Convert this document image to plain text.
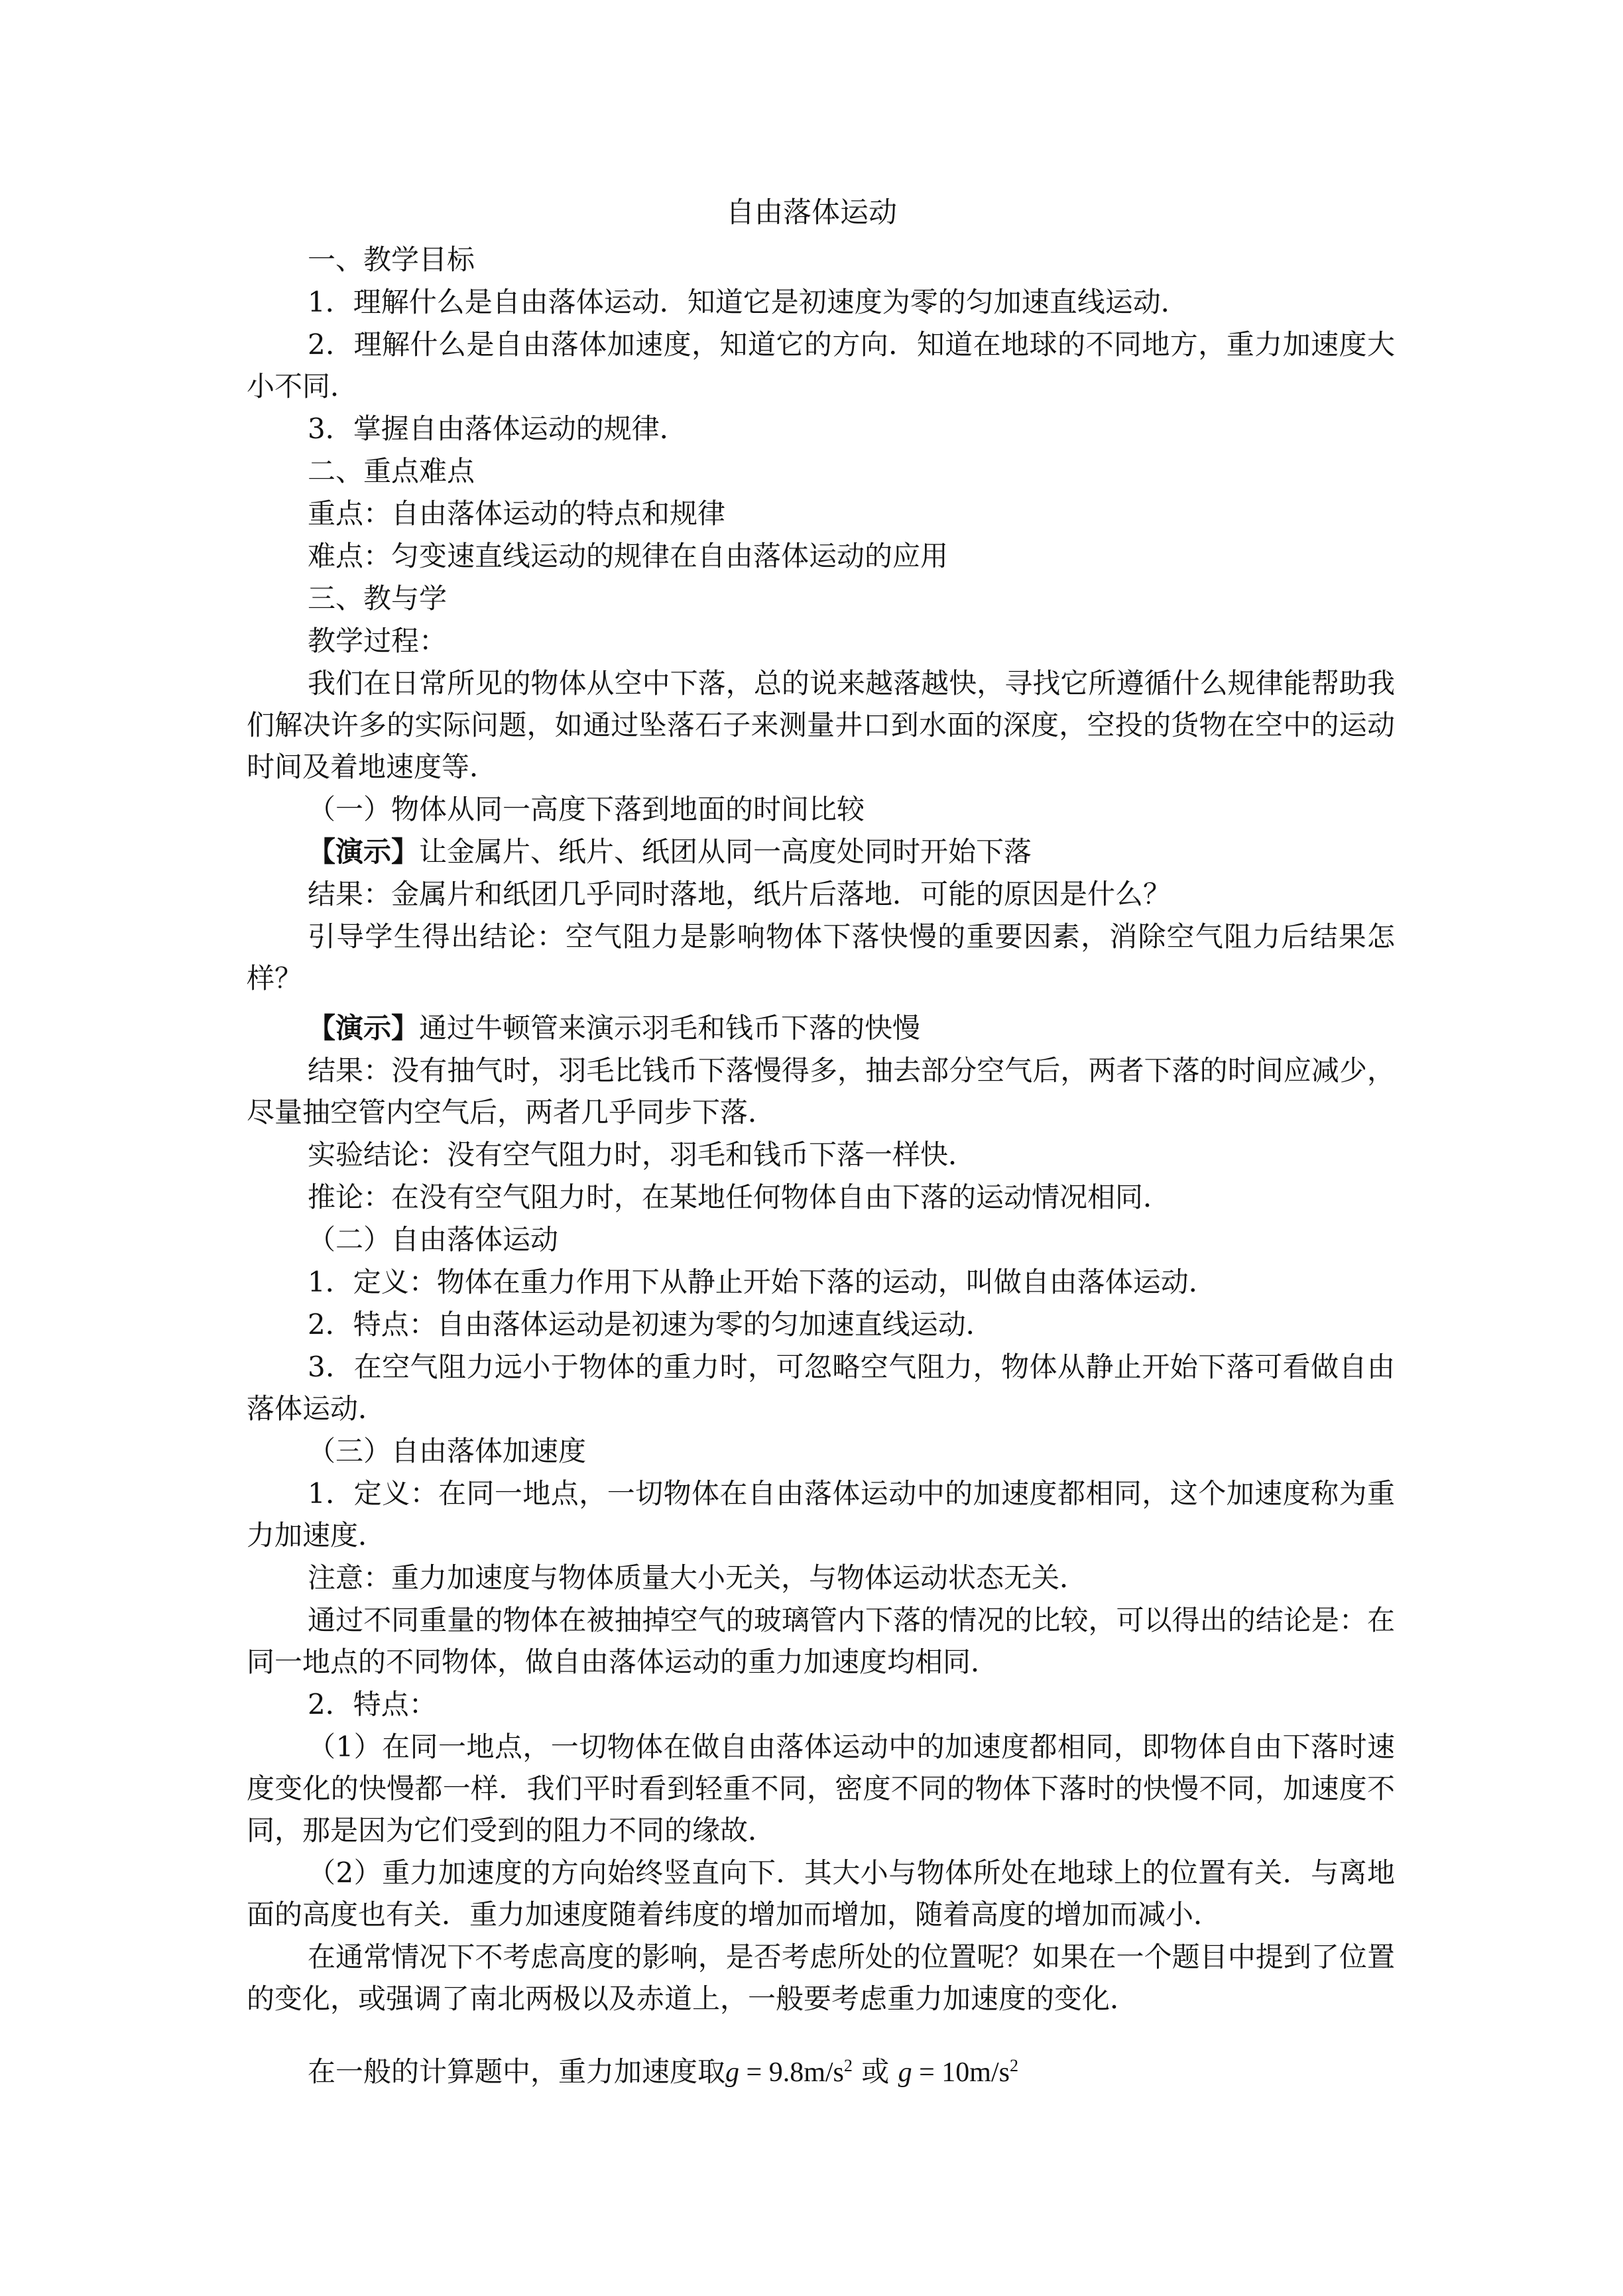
自由落体运动

一、教学目标

1．理解什么是自由落体运动．知道它是初速度为零的匀加速直线运动．

2．理解什么是自由落体加速度，知道它的方向．知道在地球的不同地方，重力加速度大小不同．

3．掌握自由落体运动的规律．

二、重点难点

重点：自由落体运动的特点和规律

难点：匀变速直线运动的规律在自由落体运动的应用

三、教与学

教学过程：

我们在日常所见的物体从空中下落，总的说来越落越快，寻找它所遵循什么规律能帮助我们解决许多的实际问题，如通过坠落石子来测量井口到水面的深度，空投的货物在空中的运动时间及着地速度等．

（一）物体从同一高度下落到地面的时间比较

【演示】让金属片、纸片、纸团从同一高度处同时开始下落

结果：金属片和纸团几乎同时落地，纸片后落地．可能的原因是什么？

引导学生得出结论：空气阻力是影响物体下落快慢的重要因素，消除空气阻力后结果怎样？

【演示】通过牛顿管来演示羽毛和钱币下落的快慢

结果：没有抽气时，羽毛比钱币下落慢得多，抽去部分空气后，两者下落的时间应减少，尽量抽空管内空气后，两者几乎同步下落．

实验结论：没有空气阻力时，羽毛和钱币下落一样快．

推论：在没有空气阻力时，在某地任何物体自由下落的运动情况相同．

（二）自由落体运动

1．定义：物体在重力作用下从静止开始下落的运动，叫做自由落体运动．

2．特点：自由落体运动是初速为零的匀加速直线运动．

3．在空气阻力远小于物体的重力时，可忽略空气阻力，物体从静止开始下落可看做自由落体运动．

（三）自由落体加速度

1．定义：在同一地点，一切物体在自由落体运动中的加速度都相同，这个加速度称为重力加速度．

注意：重力加速度与物体质量大小无关，与物体运动状态无关．

通过不同重量的物体在被抽掉空气的玻璃管内下落的情况的比较，可以得出的结论是：在同一地点的不同物体，做自由落体运动的重力加速度均相同．

2．特点：

（1）在同一地点，一切物体在做自由落体运动中的加速度都相同，即物体自由下落时速度变化的快慢都一样．我们平时看到轻重不同，密度不同的物体下落时的快慢不同，加速度不同，那是因为它们受到的阻力不同的缘故．

（2）重力加速度的方向始终竖直向下．其大小与物体所处在地球上的位置有关．与离地面的高度也有关．重力加速度随着纬度的增加而增加，随着高度的增加而减小．

在通常情况下不考虑高度的影响，是否考虑所处的位置呢？如果在一个题目中提到了位置的变化，或强调了南北两极以及赤道上，一般要考虑重力加速度的变化．

在一般的计算题中，重力加速度取$g = 9.8m/s^2$ 或 $g = 10m/s^2$
